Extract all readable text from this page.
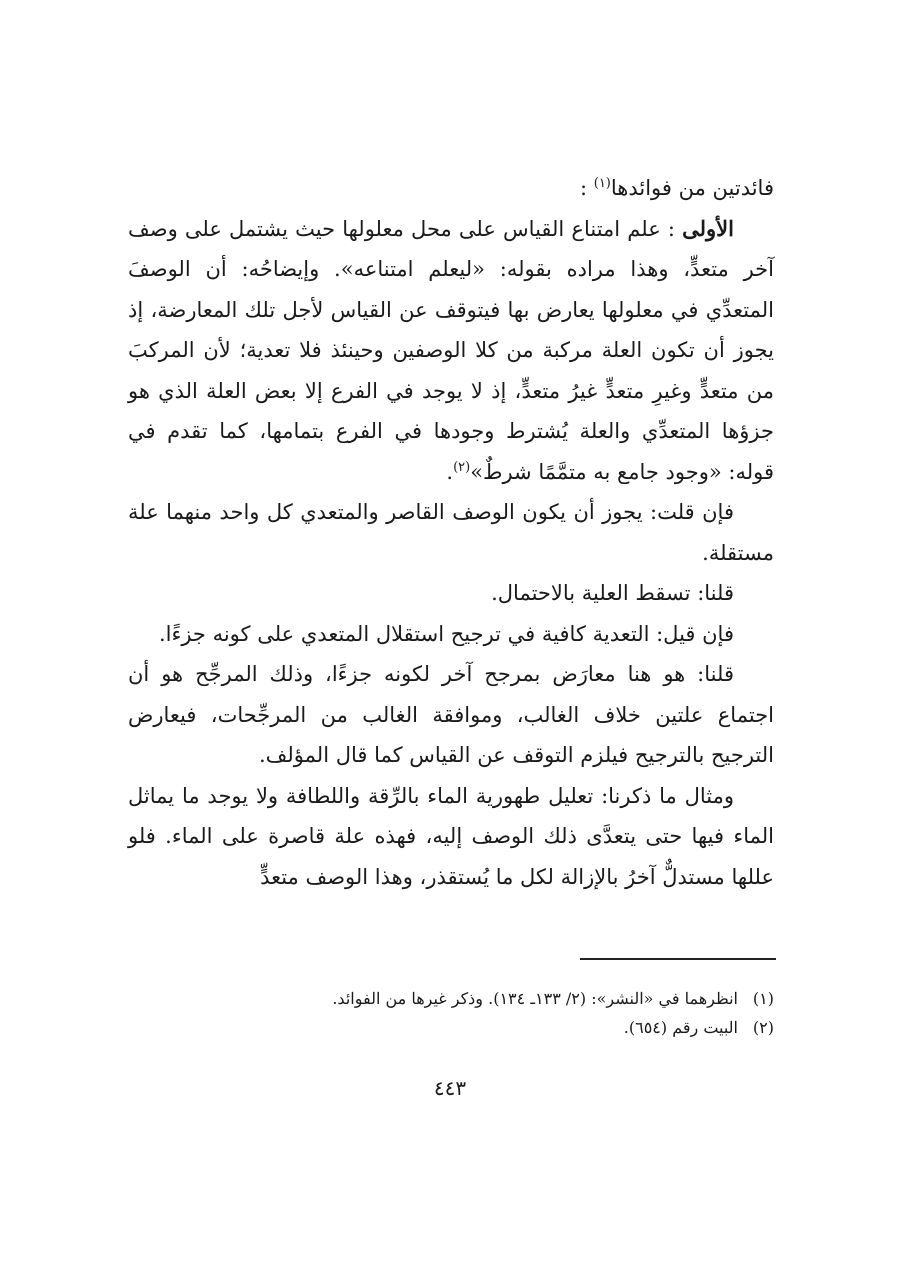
فائدتين من فوائدها$^{(١)}$ :

الأولى : علم امتناع القياس على محل معلولها حيث يشتمل على وصف آخر متعدٍّ، وهذا مراده بقوله: «ليعلم امتناعه». وإيضاحُه: أن الوصفَ المتعدِّي في معلولها يعارض بها فيتوقف عن القياس لأجل تلك المعارضة، إذ يجوز أن تكون العلة مركبة من كلا الوصفين وحينئذ فلا تعدية؛ لأن المركبَ من متعدٍّ وغيرِ متعدٍّ غيرُ متعدٍّ، إذ لا يوجد في الفرع إلا بعض العلة الذي هو جزؤها المتعدِّي والعلة يُشترط وجودها في الفرع بتمامها، كما تقدم في قوله: «وجود جامع به متمَّمًا شرطٌ»$^{(٢)}$.

فإن قلت: يجوز أن يكون الوصف القاصر والمتعدي كل واحد منهما علة مستقلة.

قلنا: تسقط العلية بالاحتمال.

فإن قيل: التعدية كافية في ترجيح استقلال المتعدي على كونه جزءًا.

قلنا: هو هنا معارَض بمرجح آخر لكونه جزءًا، وذلك المرجِّح هو أن اجتماع علتين خلاف الغالب، وموافقة الغالب من المرجِّحات، فيعارض الترجيح بالترجيح فيلزم التوقف عن القياس كما قال المؤلف.

ومثال ما ذكرنا: تعليل طهورية الماء بالرِّقة واللطافة ولا يوجد ما يماثل الماء فيها حتى يتعدَّى ذلك الوصف إليه، فهذه علة قاصرة على الماء. فلو عللها مستدلٌّ آخرُ بالإزالة لكل ما يُستقذر، وهذا الوصف متعدٍّ

(١)انظرهما في «النشر»: (٢/ ١٣٣ـ ١٣٤). وذكر غيرها من الفوائد.

(٢)البيت رقم (٦٥٤).

٤٤٣
